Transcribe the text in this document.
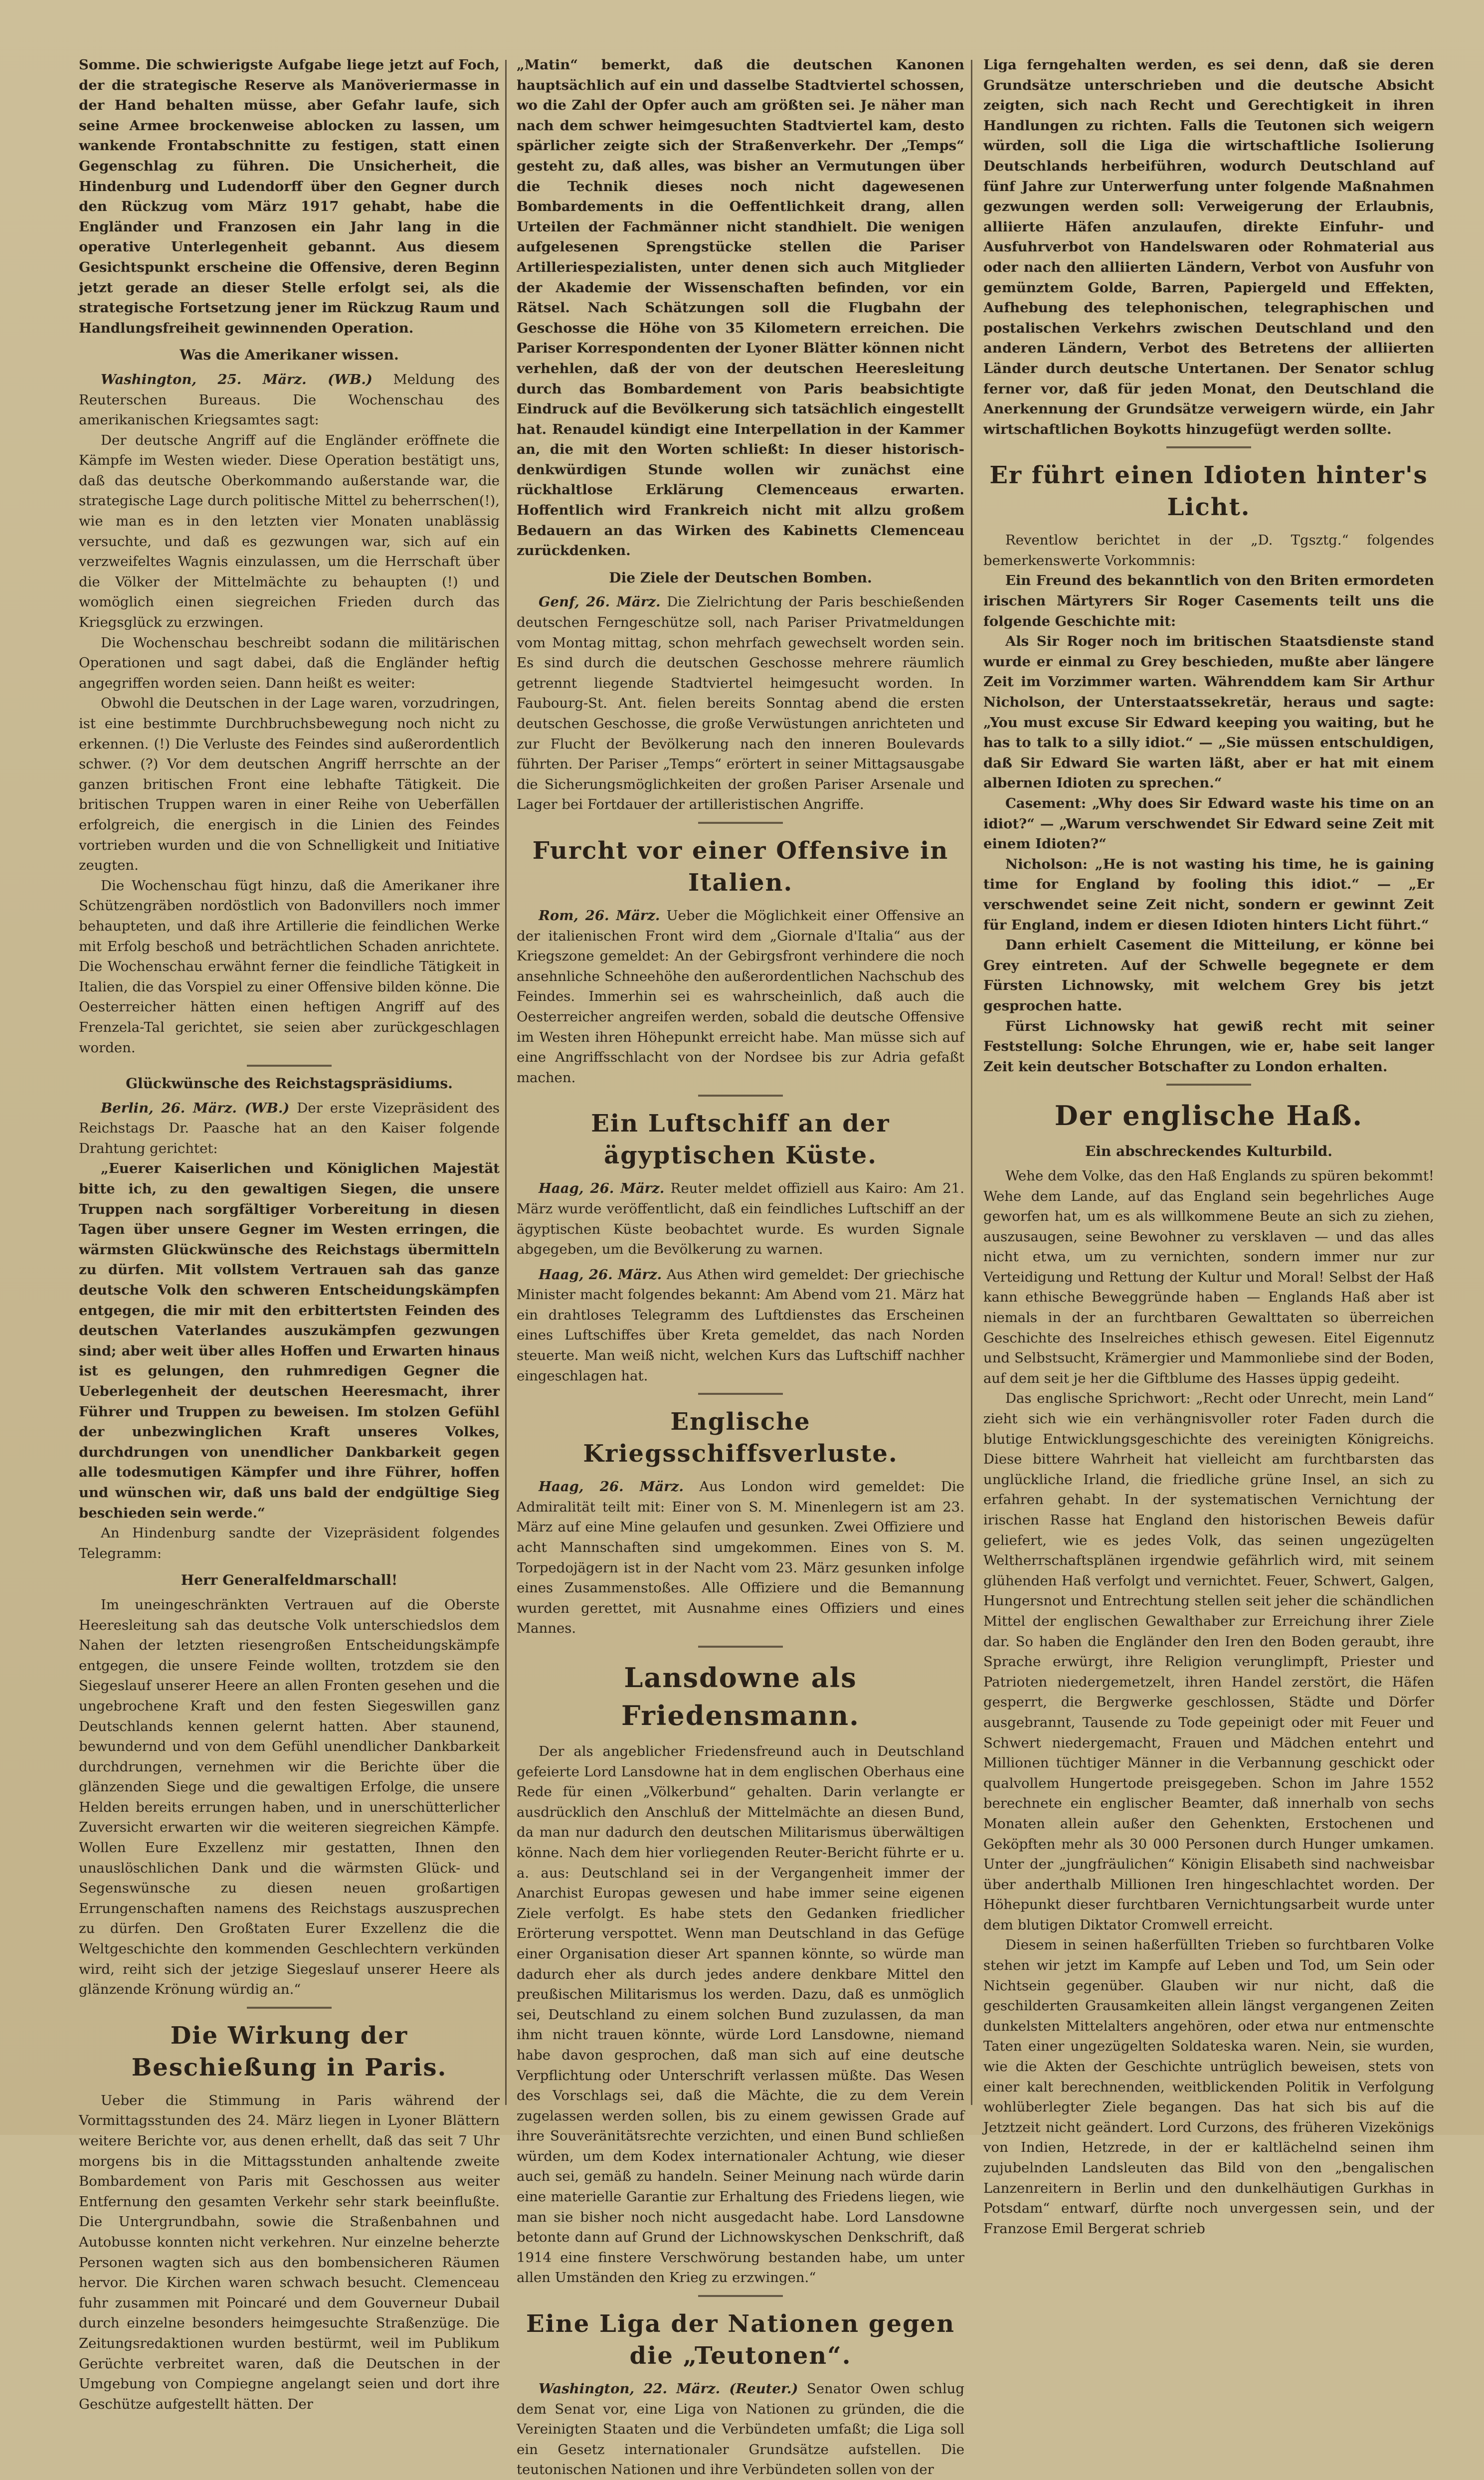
Somme. Die schwierigste Aufgabe liege jetzt auf Foch, der die strategische Reserve als Manöveriermasse in der Hand behalten müsse, aber Gefahr laufe, sich seine Armee brockenweise ablocken zu lassen, um wankende Frontabschnitte zu festigen, statt einen Gegenschlag zu führen. Die Unsicherheit, die Hindenburg und Ludendorff über den Gegner durch den Rückzug vom März 1917 gehabt, habe die Engländer und Franzosen ein Jahr lang in die operative Unterlegenheit gebannt. Aus diesem Gesichtspunkt erscheine die Offensive, deren Beginn jetzt gerade an dieser Stelle erfolgt sei, als die strategische Fortsetzung jener im Rückzug Raum und Handlungsfreiheit gewinnenden Operation.

Was die Amerikaner wissen.

Washington, 25. März. (WB.) Meldung des Reuterschen Bureaus. Die Wochenschau des amerikanischen Kriegsamtes sagt:

Der deutsche Angriff auf die Engländer eröffnete die Kämpfe im Westen wieder. Diese Operation bestätigt uns, daß das deutsche Oberkommando außerstande war, die strategische Lage durch politische Mittel zu beherrschen(!), wie man es in den letzten vier Monaten unablässig versuchte, und daß es gezwungen war, sich auf ein verzweifeltes Wagnis einzulassen, um die Herrschaft über die Völker der Mittelmächte zu behaupten (!) und womöglich einen siegreichen Frieden durch das Kriegsglück zu erzwingen.

Die Wochenschau beschreibt sodann die militärischen Operationen und sagt dabei, daß die Engländer heftig angegriffen worden seien. Dann heißt es weiter:

Obwohl die Deutschen in der Lage waren, vorzudringen, ist eine bestimmte Durchbruchsbewegung noch nicht zu erkennen. (!) Die Verluste des Feindes sind außerordentlich schwer. (?) Vor dem deutschen Angriff herrschte an der ganzen britischen Front eine lebhafte Tätigkeit. Die britischen Truppen waren in einer Reihe von Ueberfällen erfolgreich, die energisch in die Linien des Feindes vortrieben wurden und die von Schnelligkeit und Initiative zeugten.

Die Wochenschau fügt hinzu, daß die Amerikaner ihre Schützengräben nordöstlich von Badonvillers noch immer behaupteten, und daß ihre Artillerie die feindlichen Werke mit Erfolg beschoß und beträchtlichen Schaden anrichtete. Die Wochenschau erwähnt ferner die feindliche Tätigkeit in Italien, die das Vorspiel zu einer Offensive bilden könne. Die Oesterreicher hätten einen heftigen Angriff auf des Frenzela-Tal gerichtet, sie seien aber zurückgeschlagen worden.

Glückwünsche des Reichstagspräsidiums.

Berlin, 26. März. (WB.) Der erste Vizepräsident des Reichstags Dr. Paasche hat an den Kaiser folgende Drahtung gerichtet:

„Euerer Kaiserlichen und Königlichen Majestät bitte ich, zu den gewaltigen Siegen, die unsere Truppen nach sorgfältiger Vorbereitung in diesen Tagen über unsere Gegner im Westen erringen, die wärmsten Glückwünsche des Reichstags übermitteln zu dürfen. Mit vollstem Vertrauen sah das ganze deutsche Volk den schweren Entscheidungskämpfen entgegen, die mir mit den erbittertsten Feinden des deutschen Vaterlandes auszukämpfen gezwungen sind; aber weit über alles Hoffen und Erwarten hinaus ist es gelungen, den ruhmredigen Gegner die Ueberlegenheit der deutschen Heeresmacht, ihrer Führer und Truppen zu beweisen. Im stolzen Gefühl der unbezwinglichen Kraft unseres Volkes, durchdrungen von unendlicher Dankbarkeit gegen alle todesmutigen Kämpfer und ihre Führer, hoffen und wünschen wir, daß uns bald der endgültige Sieg beschieden sein werde.“

An Hindenburg sandte der Vizepräsident folgendes Telegramm:

Herr Generalfeldmarschall!

Im uneingeschränkten Vertrauen auf die Oberste Heeresleitung sah das deutsche Volk unterschiedslos dem Nahen der letzten riesengroßen Entscheidungskämpfe entgegen, die unsere Feinde wollten, trotzdem sie den Siegeslauf unserer Heere an allen Fronten gesehen und die ungebrochene Kraft und den festen Siegeswillen ganz Deutschlands kennen gelernt hatten. Aber staunend, bewundernd und von dem Gefühl unendlicher Dankbarkeit durchdrungen, vernehmen wir die Berichte über die glänzenden Siege und die gewaltigen Erfolge, die unsere Helden bereits errungen haben, und in unerschütterlicher Zuversicht erwarten wir die weiteren siegreichen Kämpfe. Wollen Eure Exzellenz mir gestatten, Ihnen den unauslöschlichen Dank und die wärmsten Glück- und Segenswünsche zu diesen neuen großartigen Errungenschaften namens des Reichstags auszusprechen zu dürfen. Den Großtaten Eurer Exzellenz die die Weltgeschichte den kommenden Geschlechtern verkünden wird, reiht sich der jetzige Siegeslauf unserer Heere als glänzende Krönung würdig an.“

Die Wirkung der Beschießung in Paris.

Ueber die Stimmung in Paris während der Vormittagsstunden des 24. März liegen in Lyoner Blättern weitere Berichte vor, aus denen erhellt, daß das seit 7 Uhr morgens bis in die Mittagsstunden anhaltende zweite Bombardement von Paris mit Geschossen aus weiter Entfernung den gesamten Verkehr sehr stark beeinflußte. Die Untergrundbahn, sowie die Straßenbahnen und Autobusse konnten nicht verkehren. Nur einzelne beherzte Personen wagten sich aus den bombensicheren Räumen hervor. Die Kirchen waren schwach besucht. Clemenceau fuhr zusammen mit Poincaré und dem Gouverneur Dubail durch einzelne besonders heimgesuchte Straßenzüge. Die Zeitungsredaktionen wurden bestürmt, weil im Publikum Gerüchte verbreitet waren, daß die Deutschen in der Umgebung von Compiegne angelangt seien und dort ihre Geschütze aufgestellt hätten. Der

„Matin“ bemerkt, daß die deutschen Kanonen hauptsächlich auf ein und dasselbe Stadtviertel schossen, wo die Zahl der Opfer auch am größten sei. Je näher man nach dem schwer heimgesuchten Stadtviertel kam, desto spärlicher zeigte sich der Straßenverkehr. Der „Temps“ gesteht zu, daß alles, was bisher an Vermutungen über die Technik dieses noch nicht dagewesenen Bombardements in die Oeffentlichkeit drang, allen Urteilen der Fachmänner nicht standhielt. Die wenigen aufgelesenen Sprengstücke stellen die Pariser Artilleriespezialisten, unter denen sich auch Mitglieder der Akademie der Wissenschaften befinden, vor ein Rätsel. Nach Schätzungen soll die Flugbahn der Geschosse die Höhe von 35 Kilometern erreichen. Die Pariser Korrespondenten der Lyoner Blätter können nicht verhehlen, daß der von der deutschen Heeresleitung durch das Bombardement von Paris beabsichtigte Eindruck auf die Bevölkerung sich tatsächlich eingestellt hat. Renaudel kündigt eine Interpellation in der Kammer an, die mit den Worten schließt: In dieser historisch-denkwürdigen Stunde wollen wir zunächst eine rückhaltlose Erklärung Clemenceaus erwarten. Hoffentlich wird Frankreich nicht mit allzu großem Bedauern an das Wirken des Kabinetts Clemenceau zurückdenken.

Die Ziele der Deutschen Bomben.

Genf, 26. März. Die Zielrichtung der Paris beschießenden deutschen Ferngeschütze soll, nach Pariser Privatmeldungen vom Montag mittag, schon mehrfach gewechselt worden sein. Es sind durch die deutschen Geschosse mehrere räumlich getrennt liegende Stadtviertel heimgesucht worden. In Faubourg-St. Ant. fielen bereits Sonntag abend die ersten deutschen Geschosse, die große Verwüstungen anrichteten und zur Flucht der Bevölkerung nach den inneren Boulevards führten. Der Pariser „Temps“ erörtert in seiner Mittagsausgabe die Sicherungsmöglichkeiten der großen Pariser Arsenale und Lager bei Fortdauer der artilleristischen Angriffe.

Furcht vor einer Offensive in Italien.

Rom, 26. März. Ueber die Möglichkeit einer Offensive an der italienischen Front wird dem „Giornale d'Italia“ aus der Kriegszone gemeldet: An der Gebirgsfront verhindere die noch ansehnliche Schneehöhe den außerordentlichen Nachschub des Feindes. Immerhin sei es wahrscheinlich, daß auch die Oesterreicher angreifen werden, sobald die deutsche Offensive im Westen ihren Höhepunkt erreicht habe. Man müsse sich auf eine Angriffsschlacht von der Nordsee bis zur Adria gefaßt machen.

Ein Luftschiff an der ägyptischen Küste.

Haag, 26. März. Reuter meldet offiziell aus Kairo: Am 21. März wurde veröffentlicht, daß ein feindliches Luftschiff an der ägyptischen Küste beobachtet wurde. Es wurden Signale abgegeben, um die Bevölkerung zu warnen.

Haag, 26. März. Aus Athen wird gemeldet: Der griechische Minister macht folgendes bekannt: Am Abend vom 21. März hat ein drahtloses Telegramm des Luftdienstes das Erscheinen eines Luftschiffes über Kreta gemeldet, das nach Norden steuerte. Man weiß nicht, welchen Kurs das Luftschiff nachher eingeschlagen hat.

Englische Kriegsschiffsverluste.

Haag, 26. März. Aus London wird gemeldet: Die Admiralität teilt mit: Einer von S. M. Minenlegern ist am 23. März auf eine Mine gelaufen und gesunken. Zwei Offiziere und acht Mannschaften sind umgekommen. Eines von S. M. Torpedojägern ist in der Nacht vom 23. März gesunken infolge eines Zusammenstoßes. Alle Offiziere und die Bemannung wurden gerettet, mit Ausnahme eines Offiziers und eines Mannes.

Lansdowne als Friedensmann.

Der als angeblicher Friedensfreund auch in Deutschland gefeierte Lord Lansdowne hat in dem englischen Oberhaus eine Rede für einen „Völkerbund“ gehalten. Darin verlangte er ausdrücklich den Anschluß der Mittelmächte an diesen Bund, da man nur dadurch den deutschen Militarismus überwältigen könne. Nach dem hier vorliegenden Reuter-Bericht führte er u. a. aus: Deutschland sei in der Vergangenheit immer der Anarchist Europas gewesen und habe immer seine eigenen Ziele verfolgt. Es habe stets den Gedanken friedlicher Erörterung verspottet. Wenn man Deutschland in das Gefüge einer Organisation dieser Art spannen könnte, so würde man dadurch eher als durch jedes andere denkbare Mittel den preußischen Militarismus los werden. Dazu, daß es unmöglich sei, Deutschland zu einem solchen Bund zuzulassen, da man ihm nicht trauen könnte, würde Lord Lansdowne, niemand habe davon gesprochen, daß man sich auf eine deutsche Verpflichtung oder Unterschrift verlassen müßte. Das Wesen des Vorschlags sei, daß die Mächte, die zu dem Verein zugelassen werden sollen, bis zu einem gewissen Grade auf ihre Souveränitätsrechte verzichten, und einen Bund schließen würden, um dem Kodex internationaler Achtung, wie dieser auch sei, gemäß zu handeln. Seiner Meinung nach würde darin eine materielle Garantie zur Erhaltung des Friedens liegen, wie man sie bisher noch nicht ausgedacht habe. Lord Lansdowne betonte dann auf Grund der Lichnowskyschen Denkschrift, daß 1914 eine finstere Verschwörung bestanden habe, um unter allen Umständen den Krieg zu erzwingen.“

Eine Liga der Nationen gegen die „Teutonen“.

Washington, 22. März. (Reuter.) Senator Owen schlug dem Senat vor, eine Liga von Nationen zu gründen, die die Vereinigten Staaten und die Verbündeten umfaßt; die Liga soll ein Gesetz internationaler Grundsätze aufstellen. Die teutonischen Nationen und ihre Verbündeten sollen von der

Liga ferngehalten werden, es sei denn, daß sie deren Grundsätze unterschrieben und die deutsche Absicht zeigten, sich nach Recht und Gerechtigkeit in ihren Handlungen zu richten. Falls die Teutonen sich weigern würden, soll die Liga die wirtschaftliche Isolierung Deutschlands herbeiführen, wodurch Deutschland auf fünf Jahre zur Unterwerfung unter folgende Maßnahmen gezwungen werden soll: Verweigerung der Erlaubnis, alliierte Häfen anzulaufen, direkte Einfuhr- und Ausfuhrverbot von Handelswaren oder Rohmaterial aus oder nach den alliierten Ländern, Verbot von Ausfuhr von gemünztem Golde, Barren, Papiergeld und Effekten, Aufhebung des telephonischen, telegraphischen und postalischen Verkehrs zwischen Deutschland und den anderen Ländern, Verbot des Betretens der alliierten Länder durch deutsche Untertanen. Der Senator schlug ferner vor, daß für jeden Monat, den Deutschland die Anerkennung der Grundsätze verweigern würde, ein Jahr wirtschaftlichen Boykotts hinzugefügt werden sollte.

Er führt einen Idioten hinter's Licht.

Reventlow berichtet in der „D. Tgsztg.“ folgendes bemerkenswerte Vorkommnis:

Ein Freund des bekanntlich von den Briten ermordeten irischen Märtyrers Sir Roger Casements teilt uns die folgende Geschichte mit:

Als Sir Roger noch im britischen Staatsdienste stand wurde er einmal zu Grey beschieden, mußte aber längere Zeit im Vorzimmer warten. Währenddem kam Sir Arthur Nicholson, der Unterstaatssekretär, heraus und sagte: „You must excuse Sir Edward keeping you waiting, but he has to talk to a silly idiot.“ — „Sie müssen entschuldigen, daß Sir Edward Sie warten läßt, aber er hat mit einem albernen Idioten zu sprechen.“

Casement: „Why does Sir Edward waste his time on an idiot?“ — „Warum verschwendet Sir Edward seine Zeit mit einem Idioten?“

Nicholson: „He is not wasting his time, he is gaining time for England by fooling this idiot.“ — „Er verschwendet seine Zeit nicht, sondern er gewinnt Zeit für England, indem er diesen Idioten hinters Licht führt.“

Dann erhielt Casement die Mitteilung, er könne bei Grey eintreten. Auf der Schwelle begegnete er dem Fürsten Lichnowsky, mit welchem Grey bis jetzt gesprochen hatte.

Fürst Lichnowsky hat gewiß recht mit seiner Feststellung: Solche Ehrungen, wie er, habe seit langer Zeit kein deutscher Botschafter zu London erhalten.

Der englische Haß.
Ein abschreckendes Kulturbild.

Wehe dem Volke, das den Haß Englands zu spüren bekommt! Wehe dem Lande, auf das England sein begehrliches Auge geworfen hat, um es als willkommene Beute an sich zu ziehen, auszusaugen, seine Bewohner zu versklaven — und das alles nicht etwa, um zu vernichten, sondern immer nur zur Verteidigung und Rettung der Kultur und Moral! Selbst der Haß kann ethische Beweggründe haben — Englands Haß aber ist niemals in der an furchtbaren Gewalttaten so überreichen Geschichte des Inselreiches ethisch gewesen. Eitel Eigennutz und Selbstsucht, Krämergier und Mammonliebe sind der Boden, auf dem seit je her die Giftblume des Hasses üppig gedeiht.

Das englische Sprichwort: „Recht oder Unrecht, mein Land“ zieht sich wie ein verhängnisvoller roter Faden durch die blutige Entwicklungsgeschichte des vereinigten Königreichs. Diese bittere Wahrheit hat vielleicht am furchtbarsten das unglückliche Irland, die friedliche grüne Insel, an sich zu erfahren gehabt. In der systematischen Vernichtung der irischen Rasse hat England den historischen Beweis dafür geliefert, wie es jedes Volk, das seinen ungezügelten Weltherrschaftsplänen irgendwie gefährlich wird, mit seinem glühenden Haß verfolgt und vernichtet. Feuer, Schwert, Galgen, Hungersnot und Entrechtung stellen seit jeher die schändlichen Mittel der englischen Gewalthaber zur Erreichung ihrer Ziele dar. So haben die Engländer den Iren den Boden geraubt, ihre Sprache erwürgt, ihre Religion verunglimpft, Priester und Patrioten niedergemetzelt, ihren Handel zerstört, die Häfen gesperrt, die Bergwerke geschlossen, Städte und Dörfer ausgebrannt, Tausende zu Tode gepeinigt oder mit Feuer und Schwert niedergemacht, Frauen und Mädchen entehrt und Millionen tüchtiger Männer in die Verbannung geschickt oder qualvollem Hungertode preisgegeben. Schon im Jahre 1552 berechnete ein englischer Beamter, daß innerhalb von sechs Monaten allein außer den Gehenkten, Erstochenen und Geköpften mehr als 30 000 Personen durch Hunger umkamen. Unter der „jungfräulichen“ Königin Elisabeth sind nachweisbar über anderthalb Millionen Iren hingeschlachtet worden. Der Höhepunkt dieser furchtbaren Vernichtungsarbeit wurde unter dem blutigen Diktator Cromwell erreicht.

Diesem in seinen haßerfüllten Trieben so furchtbaren Volke stehen wir jetzt im Kampfe auf Leben und Tod, um Sein oder Nichtsein gegenüber. Glauben wir nur nicht, daß die geschilderten Grausamkeiten allein längst vergangenen Zeiten dunkelsten Mittelalters angehören, oder etwa nur entmenschte Taten einer ungezügelten Soldateska waren. Nein, sie wurden, wie die Akten der Geschichte untrüglich beweisen, stets von einer kalt berechnenden, weitblickenden Politik in Verfolgung wohlüberlegter Ziele begangen. Das hat sich bis auf die Jetztzeit nicht geändert. Lord Curzons, des früheren Vizekönigs von Indien, Hetzrede, in der er kaltlächelnd seinen ihm zujubelnden Landsleuten das Bild von den „bengalischen Lanzenreitern in Berlin und den dunkelhäutigen Gurkhas in Potsdam“ entwarf, dürfte noch unvergessen sein, und der Franzose Emil Bergerat schrieb
